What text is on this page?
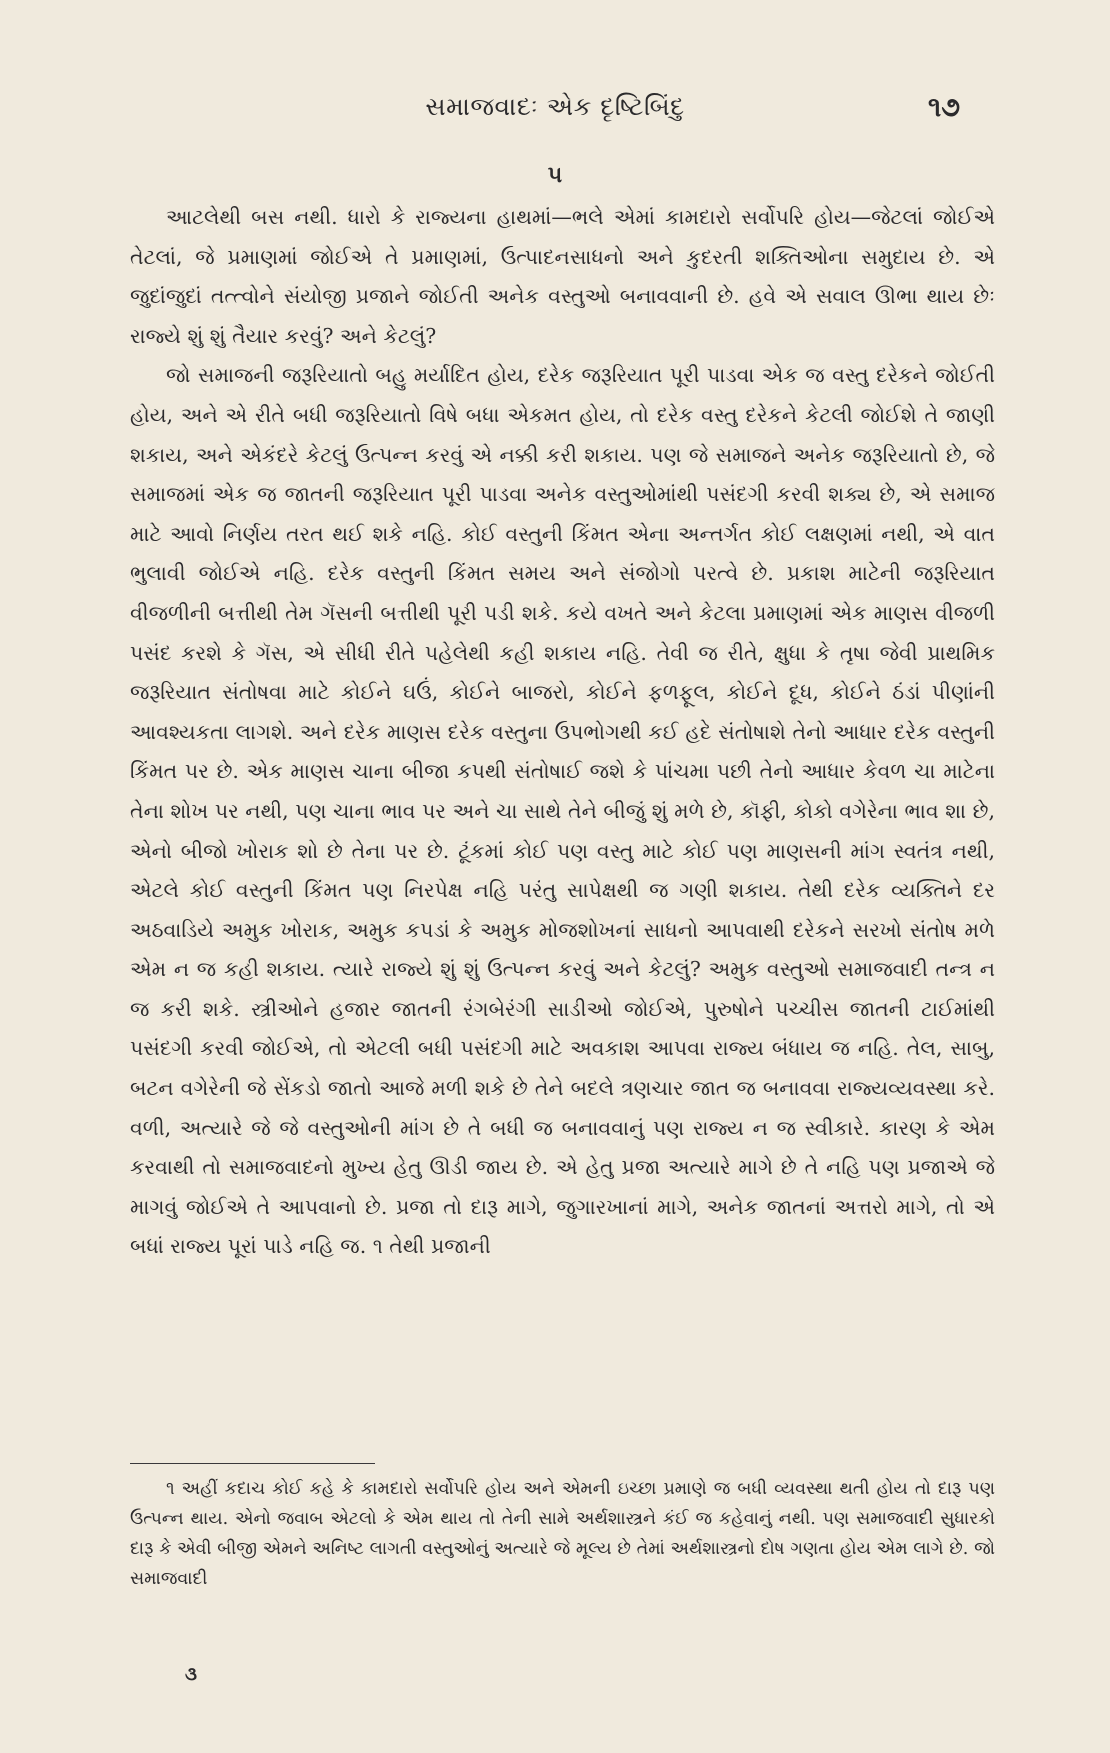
સમાજવાદઃ એક દૃષ્ટિબિંદુ	૧૭
૫

આટલેથી બસ નથી. ધારો કે રાજ્યના હાથમાં—ભલે એમાં કામદારો સર્વોપરિ હોય—જેટલાં જોઈએ તેટલાં, જે પ્રમાણમાં જોઈએ તે પ્રમાણમાં, ઉત્પાદનસાધનો અને કુદરતી શક્તિઓના સમુદાય છે. એ જુદાંજુદાં તત્ત્વોને સંયોજી પ્રજાને જોઈતી અનેક વસ્તુઓ બનાવવાની છે. હવે એ સવાલ ઊભા થાય છેઃ રાજ્યે શું શું તૈયાર કરવું? અને કેટલું?

જો સમાજની જરૂરિયાતો બહુ મર્યાદિત હોય, દરેક જરૂરિયાત પૂરી પાડવા એક જ વસ્તુ દરેકને જોઈતી હોય, અને એ રીતે બધી જરૂરિયાતો વિષે બધા એકમત હોય, તો દરેક વસ્તુ દરેકને કેટલી જોઈશે તે જાણી શકાય, અને એકંદરે કેટલું ઉત્પન્ન કરવું એ નક્કી કરી શકાય. પણ જે સમાજને અનેક જરૂરિયાતો છે, જે સમાજમાં એક જ જાતની જરૂરિયાત પૂરી પાડવા અનેક વસ્તુઓમાંથી પસંદગી કરવી શક્ય છે, એ સમાજ માટે આવો નિર્ણય તરત થઈ શકે નહિ. કોઈ વસ્તુની કિંમત એના અન્તર્ગત કોઈ લક્ષણમાં નથી, એ વાત ભુલાવી જોઈએ નહિ. દરેક વસ્તુની કિંમત સમય અને સંજોગો પરત્વે છે. પ્રકાશ માટેની જરૂરિયાત વીજળીની બત્તીથી તેમ ગૅસની બત્તીથી પૂરી પડી શકે. કયે વખતે અને કેટલા પ્રમાણમાં એક માણસ વીજળી પસંદ કરશે કે ગૅસ, એ સીધી રીતે પહેલેથી કહી શકાય નહિ. તેવી જ રીતે, ક્ષુધા કે તૃષા જેવી પ્રાથમિક જરૂરિયાત સંતોષવા માટે કોઈને ઘઉં, કોઈને બાજરો, કોઈને ફળફૂલ, કોઈને દૂધ, કોઈને ઠંડાં પીણાંની આવશ્યકતા લાગશે. અને દરેક માણસ દરેક વસ્તુના ઉપભોગથી કઈ હદે સંતોષાશે તેનો આધાર દરેક વસ્તુની કિંમત પર છે. એક માણસ ચાના બીજા કપથી સંતોષાઈ જશે કે પાંચમા પછી તેનો આધાર કેવળ ચા માટેના તેના શોખ પર નથી, પણ ચાના ભાવ પર અને ચા સાથે તેને બીજું શું મળે છે, કૉફી, કોકો વગેરેના ભાવ શા છે, એનો બીજો ખોરાક શો છે તેના પર છે. ટૂંકમાં કોઈ પણ વસ્તુ માટે કોઈ પણ માણસની માંગ સ્વતંત્ર નથી, એટલે કોઈ વસ્તુની કિંમત પણ નિરપેક્ષ નહિ પરંતુ સાપેક્ષથી જ ગણી શકાય. તેથી દરેક વ્યક્તિને દર અઠવાડિયે અમુક ખોરાક, અમુક કપડાં કે અમુક મોજશોખનાં સાધનો આપવાથી દરેકને સરખો સંતોષ મળે એમ ન જ કહી શકાય. ત્યારે રાજ્યે શું શું ઉત્પન્ન કરવું અને કેટલું? અમુક વસ્તુઓ સમાજવાદી તન્ત્ર ન જ કરી શકે. સ્ત્રીઓને હજાર જાતની રંગબેરંગી સાડીઓ જોઈએ, પુરુષોને પચ્ચીસ જાતની ટાઈમાંથી પસંદગી કરવી જોઈએ, તો એટલી બધી પસંદગી માટે અવકાશ આપવા રાજ્ય બંધાય જ નહિ. તેલ, સાબુ, બટન વગેરેની જે સેંકડો જાતો આજે મળી શકે છે તેને બદલે ત્રણચાર જાત જ બનાવવા રાજ્યવ્યવસ્થા કરે. વળી, અત્યારે જે જે વસ્તુઓની માંગ છે તે બધી જ બનાવવાનું પણ રાજ્ય ન જ સ્વીકારે. કારણ કે એમ કરવાથી તો સમાજવાદનો મુખ્ય હેતુ ઊડી જાય છે. એ હેતુ પ્રજા અત્યારે માગે છે તે નહિ પણ પ્રજાએ જે માગવું જોઈએ તે આપવાનો છે. પ્રજા તો દારૂ માગે, જુગારખાનાં માગે, અનેક જાતનાં અત્તરો માગે, તો એ બધાં રાજ્ય પૂરાં પાડે નહિ જ. ૧ તેથી પ્રજાની

૧ અહીં કદાચ કોઈ કહે કે કામદારો સર્વોપરિ હોય અને એમની ઇચ્છા પ્રમાણે જ બધી વ્યવસ્થા થતી હોય તો દારૂ પણ ઉત્પન્ન થાય. એનો જવાબ એટલો કે એમ થાય તો તેની સામે અર્થશાસ્ત્રને કંઈ જ કહેવાનું નથી. પણ સમાજવાદી સુધારકો દારૂ કે એવી બીજી એમને અનિષ્ટ લાગતી વસ્તુઓનું અત્યારે જે મૂલ્ય છે તેમાં અર્થશાસ્ત્રનો દોષ ગણતા હોય એમ લાગે છે. જો સમાજવાદી
૩
